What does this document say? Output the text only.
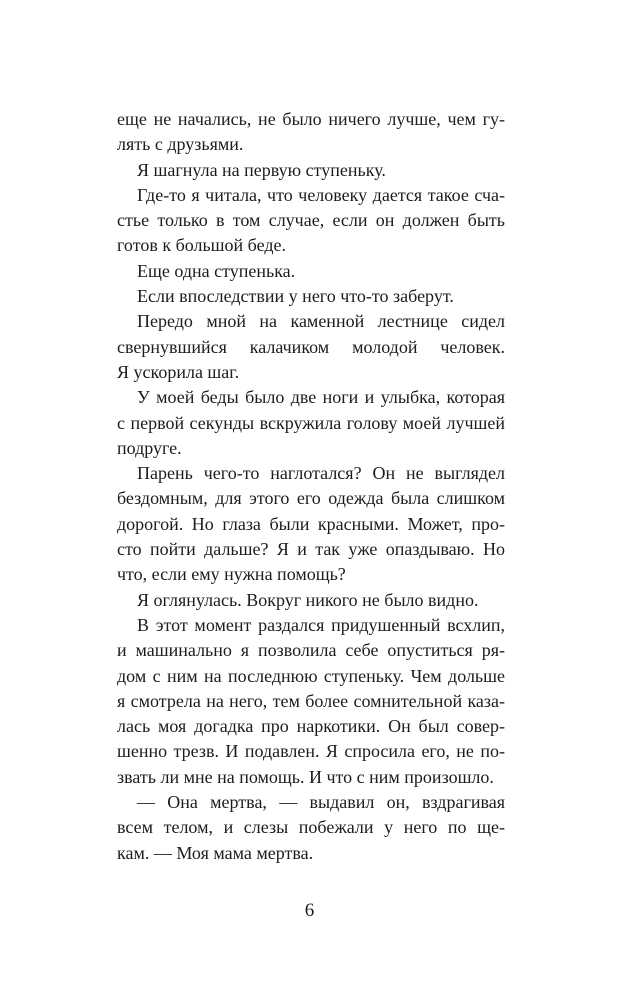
еще не начались, не было ничего лучше, чем гу-
лять с друзьями.
Я шагнула на первую ступеньку.
Где-то я читала, что человеку дается такое сча-
стье только в том случае, если он должен быть
готов к большой беде.
Еще одна ступенька.
Если впоследствии у него что-то заберут.
Передо мной на каменной лестнице сидел
свернувшийся калачиком молодой человек.
Я ускорила шаг.
У моей беды было две ноги и улыбка, которая
с первой секунды вскружила голову моей лучшей
подруге.
Парень чего-то наглотался? Он не выглядел
бездомным, для этого его одежда была слишком
дорогой. Но глаза были красными. Может, про-
сто пойти дальше? Я и так уже опаздываю. Но
что, если ему нужна помощь?
Я оглянулась. Вокруг никого не было видно.
В этот момент раздался придушенный всхлип,
и машинально я позволила себе опуститься ря-
дом с ним на последнюю ступеньку. Чем дольше
я смотрела на него, тем более сомнительной каза-
лась моя догадка про наркотики. Он был совер-
шенно трезв. И подавлен. Я спросила его, не по-
звать ли мне на помощь. И что с ним произошло.
— Она мертва, — выдавил он, вздрагивая
всем телом, и слезы побежали у него по ще-
кам. — Моя мама мертва.
6
